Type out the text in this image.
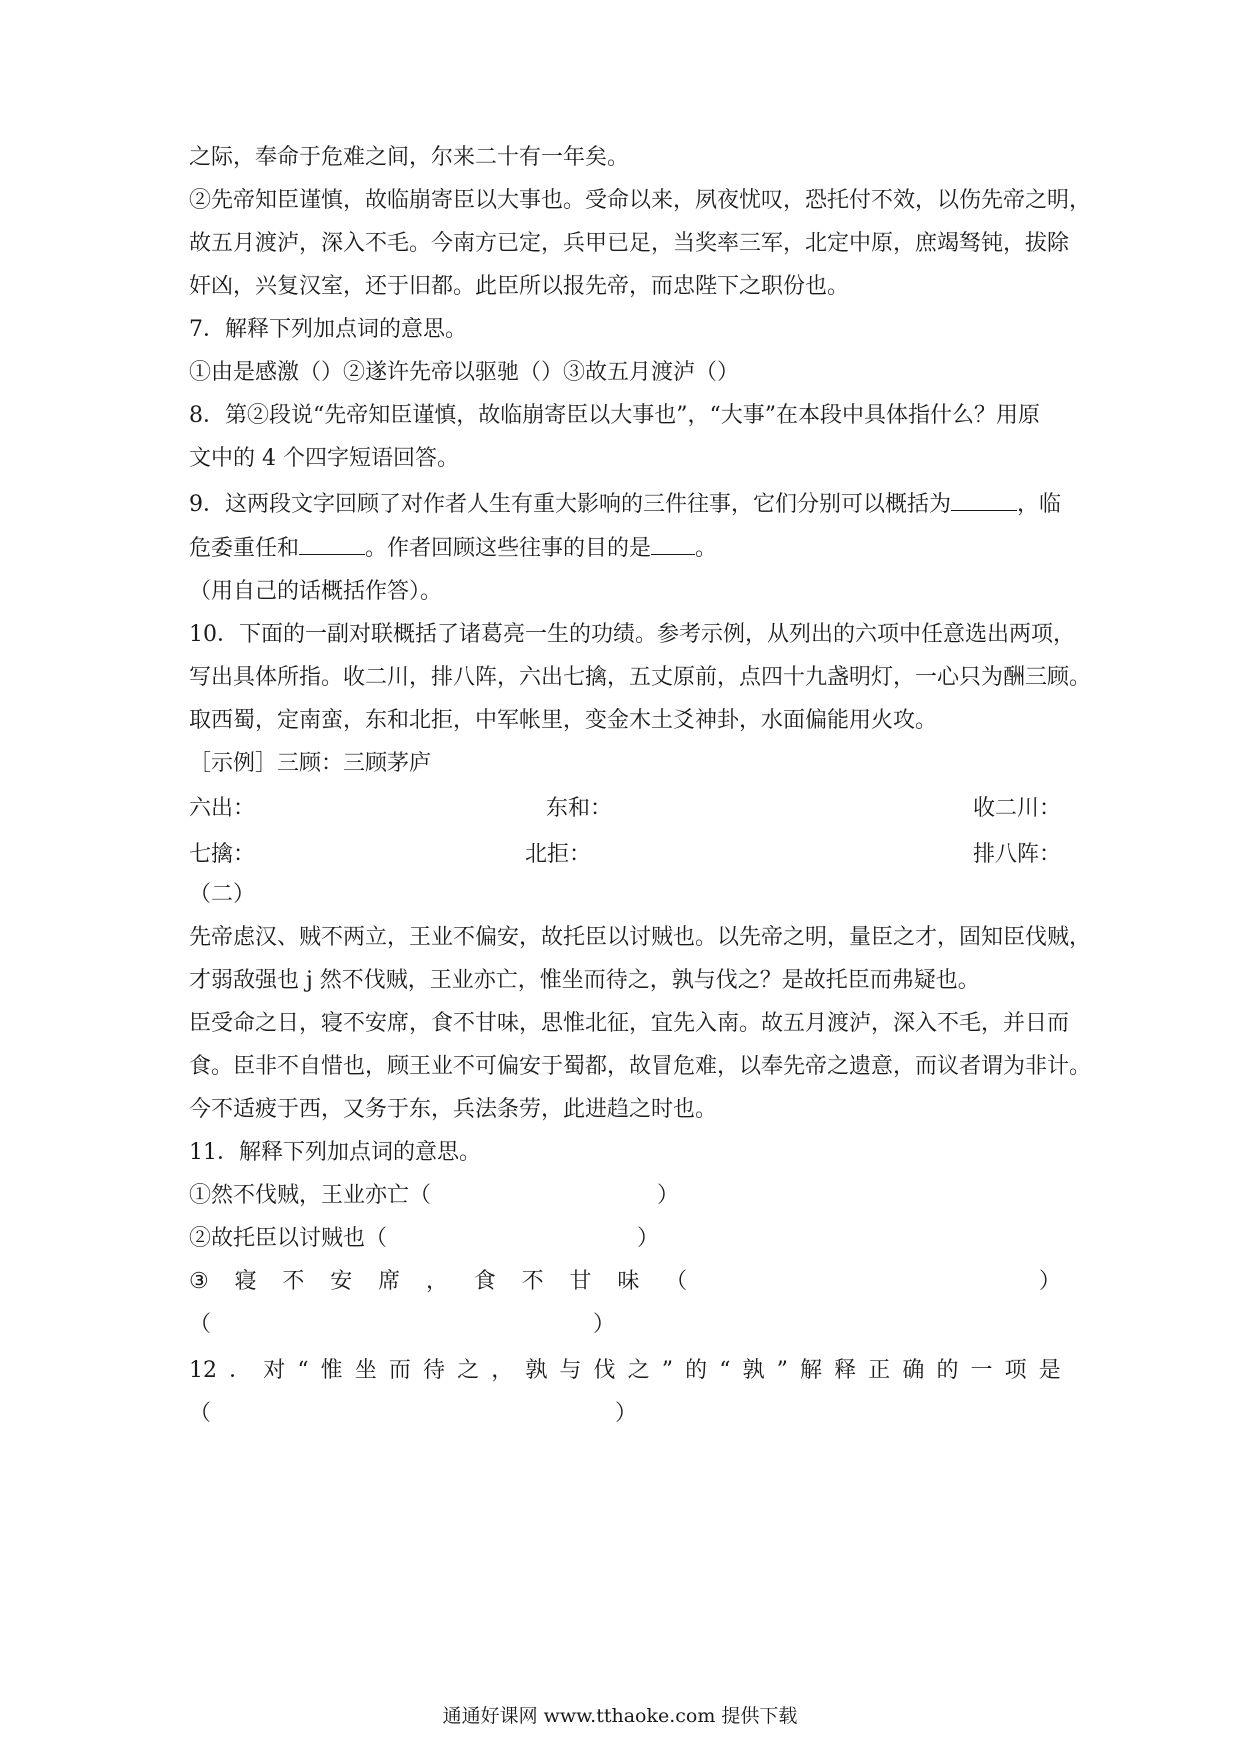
之际，奉命于危难之间，尔来二十有一年矣。
②先帝知臣谨慎，故临崩寄臣以大事也。受命以来，夙夜忧叹，恐托付不效，以伤先帝之明，
故五月渡泸，深入不毛。今南方已定，兵甲已足，当奖率三军，北定中原，庶竭驽钝，拔除
奸凶，兴复汉室，还于旧都。此臣所以报先帝，而忠陛下之职份也。
7．解释下列加点词的意思。
①由是感激（）②遂许先帝以驱驰（）③故五月渡泸（）
8．第②段说“先帝知臣谨慎，故临崩寄臣以大事也”，“大事”在本段中具体指什么？用原
文中的 4 个四字短语回答。
9．这两段文字回顾了对作者人生有重大影响的三件往事，它们分别可以概括为	，临
危委重任和	。作者回顾这些往事的目的是 。
（用自己的话概括作答）。
10．下面的一副对联概括了诸葛亮一生的功绩。参考示例，从列出的六项中任意选出两项，
写出具体所指。收二川，排八阵，六出七擒，五丈原前，点四十九盏明灯，一心只为酬三顾。
取西蜀，定南蛮，东和北拒，中军帐里，变金木土爻神卦，水面偏能用火攻。
［示例］三顾：三顾茅庐
六出：	东和：	收二川：
七擒：	北拒：	排八阵：
（二）
先帝虑汉、贼不两立，王业不偏安，故托臣以讨贼也。以先帝之明，量臣之才，固知臣伐贼，
才弱敌强也 j 然不伐贼，王业亦亡，惟坐而待之，孰与伐之？是故托臣而弗疑也。
臣受命之日，寝不安席，食不甘味，思惟北征，宜先入南。故五月渡泸，深入不毛，并日而
食。臣非不自惜也，顾王业不可偏安于蜀都，故冒危难，以奉先帝之遗意，而议者谓为非计。
今不适疲于西，又务于东，兵法条劳，此进趋之时也。
11．解释下列加点词的意思。
①然不伐贼，王业亦亡（	）
②故托臣以讨贼也（	）
③ 寝 不 安 席 ， 食 不 甘 味 （	）
（	）
12 ． 对 “ 惟 坐 而 待 之 ， 孰 与 伐 之 ” 的 “ 孰 ” 解 释 正 确 的 一 项 是
（	）
通通好课网 www.tthaoke.com 提供下载
